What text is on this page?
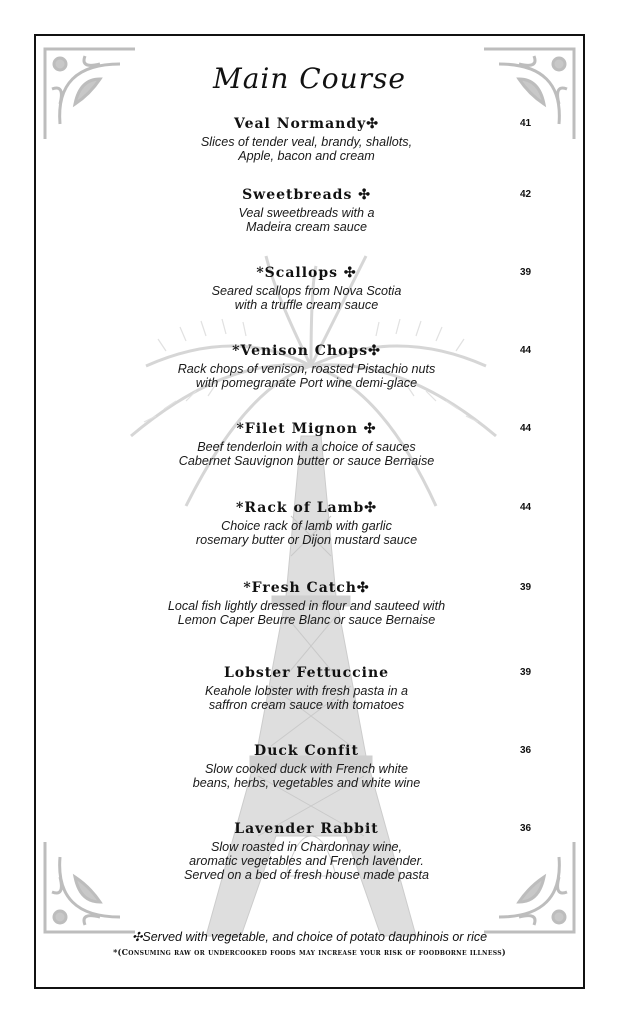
Main Course
Veal Normandy✣	41
Slices of tender veal, brandy, shallots,
Apple, bacon and cream
Sweetbreads ✣	42
Veal sweetbreads with a
Madeira cream sauce
*Scallops ✣	39
Seared scallops from Nova Scotia
with a truffle cream sauce
*Venison Chops✣	44
Rack chops of venison, roasted Pistachio nuts
with pomegranate Port wine demi-glace
*Filet Mignon ✣	44
Beef tenderloin with a choice of sauces
Cabernet Sauvignon butter or sauce Bernaise
*Rack of Lamb✣	44
Choice rack of lamb with garlic
rosemary butter or Dijon mustard sauce
*Fresh Catch✣	39
Local fish lightly dressed in flour and sauteed with
Lemon Caper Beurre Blanc or sauce Bernaise
Lobster Fettuccine	39
Keahole lobster with fresh pasta in a
saffron cream sauce with tomatoes
Duck Confit	36
Slow cooked duck with French white
beans, herbs, vegetables and white wine
Lavender Rabbit	36
Slow roasted in Chardonnay wine,
aromatic vegetables and French lavender.
Served on a bed of fresh house made pasta
✣Served with vegetable, and choice of potato dauphinois or rice
*(Consuming raw or undercooked foods may increase your risk of foodborne illness)
